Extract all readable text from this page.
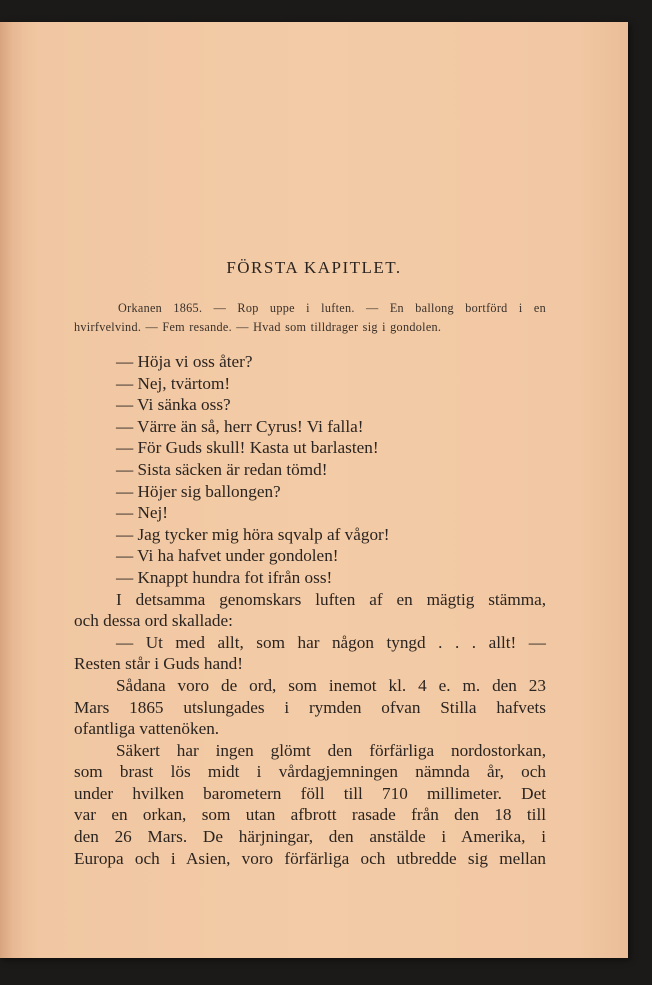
FÖRSTA KAPITLET.
Orkanen 1865. — Rop uppe i luften. — En ballong bortförd i en
hvirfvelvind. — Fem resande. — Hvad som tilldrager sig i gondolen.

— Höja vi oss åter?

— Nej, tvärtom!

— Vi sänka oss?

— Värre än så, herr Cyrus! Vi falla!

— För Guds skull! Kasta ut barlasten!

— Sista säcken är redan tömd!

— Höjer sig ballongen?

— Nej!

— Jag tycker mig höra sqvalp af vågor!

— Vi ha hafvet under gondolen!

— Knappt hundra fot ifrån oss!

I detsamma genomskars luften af en mägtig stämma,

och dessa ord skallade:

— Ut med allt, som har någon tyngd . . . allt! —

Resten står i Guds hand!

Sådana voro de ord, som inemot kl. 4 e. m. den 23

Mars 1865 utslungades i rymden ofvan Stilla hafvets

ofantliga vattenöken.

Säkert har ingen glömt den förfärliga nordostorkan,

som brast lös midt i vårdagjemningen nämnda år, och

under hvilken barometern föll till 710 millimeter. Det

var en orkan, som utan afbrott rasade från den 18 till

den 26 Mars. De härjningar, den anstälde i Amerika, i

Europa och i Asien, voro förfärliga och utbredde sig mellan
